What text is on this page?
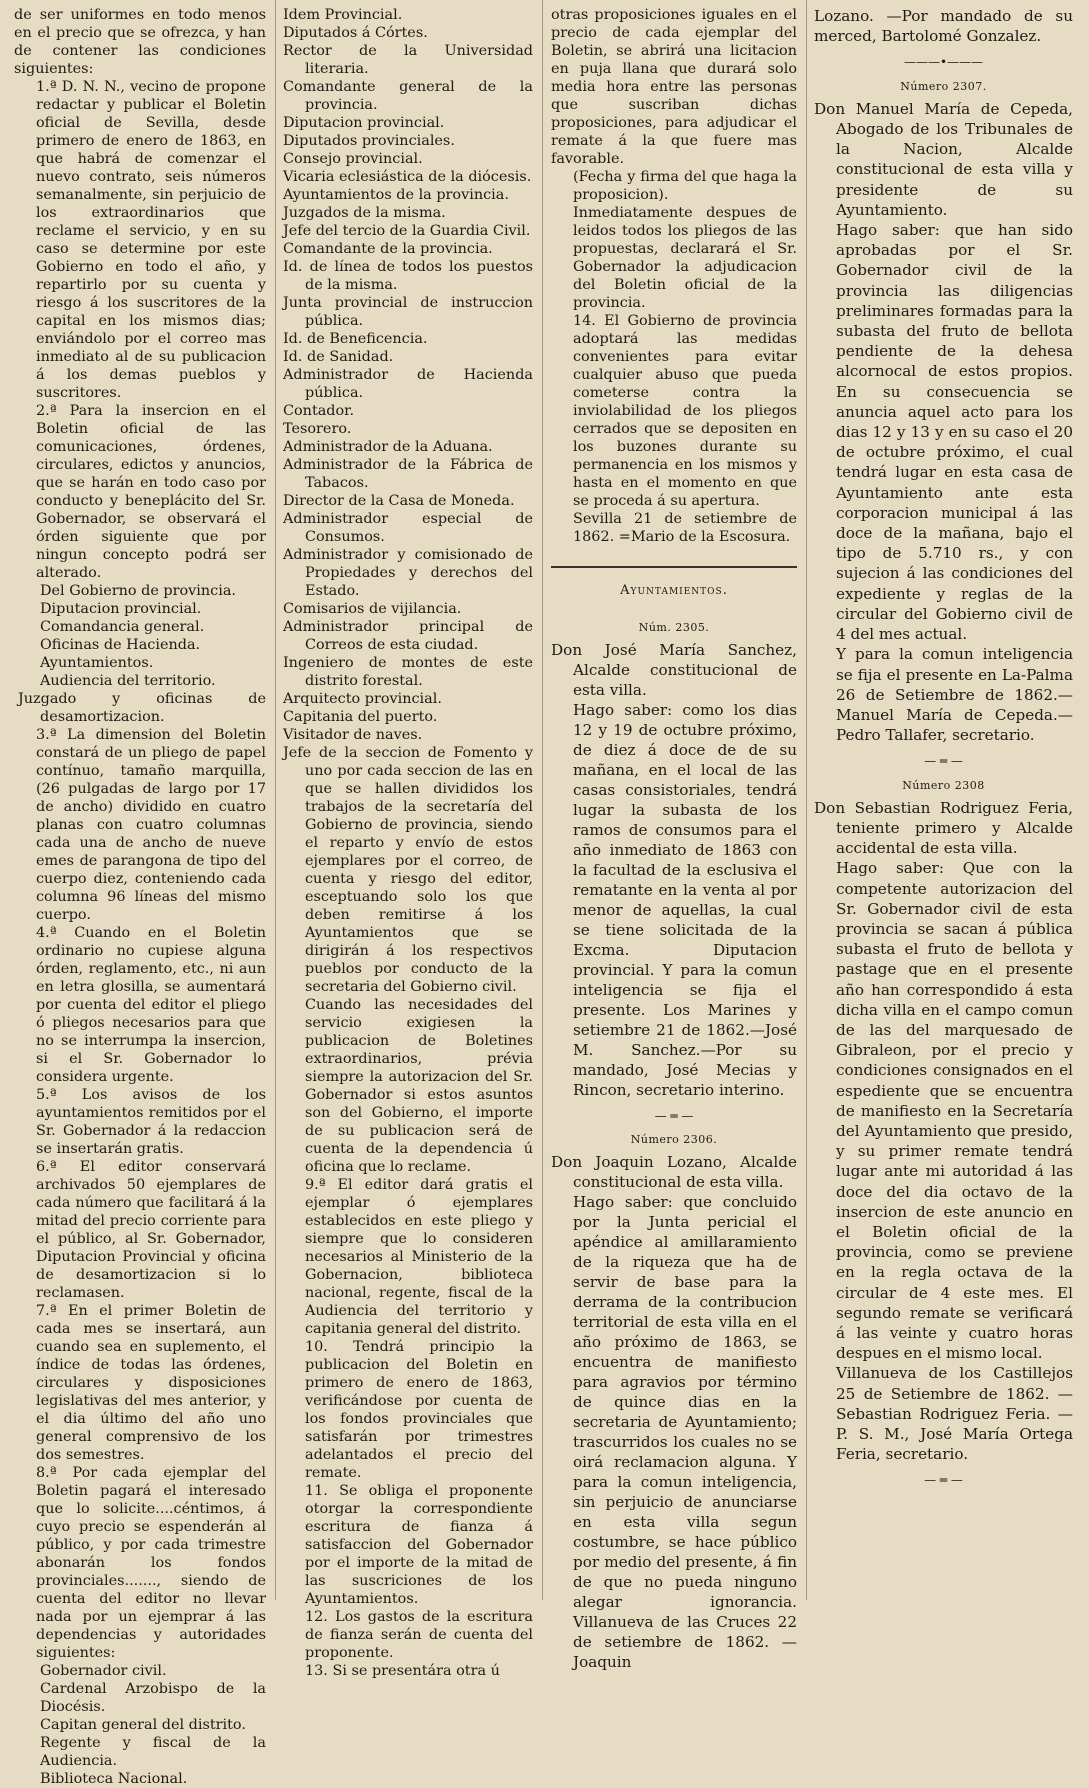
de ser uniformes en todo menos en el precio que se ofrezca, y han de contener las condiciones siguientes:

1.ª D. N. N., vecino de propone redactar y publicar el Boletin oficial de Sevilla, desde primero de enero de 1863, en que habrá de comenzar el nuevo contrato, seis números semanalmente, sin perjuicio de los extraordinarios que reclame el servicio, y en su caso se determine por este Gobierno en todo el año, y repartirlo por su cuenta y riesgo á los suscritores de la capital en los mismos dias; enviándolo por el correo mas inmediato al de su publicacion á los demas pueblos y suscritores.

2.ª Para la insercion en el Boletin oficial de las comunicaciones, órdenes, circulares, edictos y anuncios, que se harán en todo caso por conducto y beneplácito del Sr. Gobernador, se observará el órden siguiente que por ningun concepto podrá ser alterado.

Del Gobierno de provincia.

Diputacion provincial.

Comandancia general.

Oficinas de Hacienda.

Ayuntamientos.

Audiencia del territorio.

Juzgado y oficinas de desamortizacion.

3.ª La dimension del Boletin constará de un pliego de papel contínuo, tamaño marquilla, (26 pulgadas de largo por 17 de ancho) dividido en cuatro planas con cuatro columnas cada una de ancho de nueve emes de parangona de tipo del cuerpo diez, conteniendo cada columna 96 líneas del mismo cuerpo.

4.ª Cuando en el Boletin ordinario no cupiese alguna órden, reglamento, etc., ni aun en letra glosilla, se aumentará por cuenta del editor el pliego ó pliegos necesarios para que no se interrumpa la insercion, si el Sr. Gobernador lo considera urgente.

5.ª Los avisos de los ayuntamientos remitidos por el Sr. Gobernador á la redaccion se insertarán gratis.

6.ª El editor conservará archivados 50 ejemplares de cada número que facilitará á la mitad del precio corriente para el público, al Sr. Gobernador, Diputacion Provincial y oficina de desamortizacion si lo reclamasen.

7.ª En el primer Boletin de cada mes se insertará, aun cuando sea en suplemento, el índice de todas las órdenes, circulares y disposiciones legislativas del mes anterior, y el dia último del año uno general comprensivo de los dos semestres.

8.ª Por cada ejemplar del Boletin pagará el interesado que lo solicite....céntimos, á cuyo precio se espenderán al público, y por cada trimestre abonarán los fondos provinciales......., siendo de cuenta del editor no llevar nada por un ejemprar á las dependencias y autoridades siguientes:

Gobernador civil.

Cardenal Arzobispo de la Diocésis.

Capitan general del distrito.

Regente y fiscal de la Audiencia.

Biblioteca Nacional.

Idem Provincial.

Diputados á Córtes.

Rector de la Universidad literaria.

Comandante general de la provincia.

Diputacion provincial.

Diputados provinciales.

Consejo provincial.

Vicaria eclesiástica de la diócesis.

Ayuntamientos de la provincia.

Juzgados de la misma.

Jefe del tercio de la Guardia Civil.

Comandante de la provincia.

Id. de línea de todos los puestos de la misma.

Junta provincial de instruccion pública.

Id. de Beneficencia.

Id. de Sanidad.

Administrador de Hacienda pública.

Contador.

Tesorero.

Administrador de la Aduana.

Administrador de la Fábrica de Tabacos.

Director de la Casa de Moneda.

Administrador especial de Consumos.

Administrador y comisionado de Propiedades y derechos del Estado.

Comisarios de vijilancia.

Administrador principal de Correos de esta ciudad.

Ingeniero de montes de este distrito forestal.

Arquitecto provincial.

Capitania del puerto.

Visitador de naves.

Jefe de la seccion de Fomento y uno por cada seccion de las en que se hallen divididos los trabajos de la secretaría del Gobierno de provincia, siendo el reparto y envío de estos ejemplares por el correo, de cuenta y riesgo del editor, esceptuando solo los que deben remitirse á los Ayuntamientos que se dirigirán á los respectivos pueblos por conducto de la secretaria del Gobierno civil.

Cuando las necesidades del servicio exigiesen la publicacion de Boletines extraordinarios, prévia siempre la autorizacion del Sr. Gobernador si estos asuntos son del Gobierno, el importe de su publicacion será de cuenta de la dependencia ú oficina que lo reclame.

9.ª El editor dará gratis el ejemplar ó ejemplares establecidos en este pliego y siempre que lo consideren necesarios al Ministerio de la Gobernacion, biblioteca nacional, regente, fiscal de la Audiencia del territorio y capitania general del distrito.

10. Tendrá principio la publicacion del Boletin en primero de enero de 1863, verificándose por cuenta de los fondos provinciales que satisfarán por trimestres adelantados el precio del remate.

11. Se obliga el proponente otorgar la correspondiente escritura de fianza á satisfaccion del Gobernador por el importe de la mitad de las suscriciones de los Ayuntamientos.

12. Los gastos de la escritura de fianza serán de cuenta del proponente.

13. Si se presentára otra ú

otras proposiciones iguales en el precio de cada ejemplar del Boletin, se abrirá una licitacion en puja llana que durará solo media hora entre las personas que suscriban dichas proposiciones, para adjudicar el remate á la que fuere mas favorable.

(Fecha y firma del que haga la proposicion).

Inmediatamente despues de leidos todos los pliegos de las propuestas, declarará el Sr. Gobernador la adjudicacion del Boletin oficial de la provincia.

14. El Gobierno de provincia adoptará las medidas convenientes para evitar cualquier abuso que pueda cometerse contra la inviolabilidad de los pliegos cerrados que se depositen en los buzones durante su permanencia en los mismos y hasta en el momento en que se proceda á su apertura.

Sevilla 21 de setiembre de 1862. =Mario de la Escosura.

Ayuntamientos.

Núm. 2305.

Don José María Sanchez, Alcalde constitucional de esta villa.

Hago saber: como los dias 12 y 19 de octubre próximo, de diez á doce de de su mañana, en el local de las casas consistoriales, tendrá lugar la subasta de los ramos de consumos para el año inmediato de 1863 con la facultad de la esclusiva el rematante en la venta al por menor de aquellas, la cual se tiene solicitada de la Excma. Diputacion provincial. Y para la comun inteligencia se fija el presente. Los Marines y setiembre 21 de 1862.—José M. Sanchez.—Por su mandado, José Mecias y Rincon, secretario interino.

— ═ —

Número 2306.

Don Joaquin Lozano, Alcalde constitucional de esta villa.

Hago saber: que concluido por la Junta pericial el apéndice al amillaramiento de la riqueza que ha de servir de base para la derrama de la contribucion territorial de esta villa en el año próximo de 1863, se encuentra de manifiesto para agravios por término de quince dias en la secretaria de Ayuntamiento; trascurridos los cuales no se oirá reclamacion alguna. Y para la comun inteligencia, sin perjuicio de anunciarse en esta villa segun costumbre, se hace público por medio del presente, á fin de que no pueda ninguno alegar ignorancia. Villanueva de las Cruces 22 de setiembre de 1862. —Joaquin

Lozano. —Por mandado de su merced, Bartolomé Gonzalez.

———•———

Número 2307.

Don Manuel María de Cepeda, Abogado de los Tribunales de la Nacion, Alcalde constitucional de esta villa y presidente de su Ayuntamiento.

Hago saber: que han sido aprobadas por el Sr. Gobernador civil de la provincia las diligencias preliminares formadas para la subasta del fruto de bellota pendiente de la dehesa alcornocal de estos propios. En su consecuencia se anuncia aquel acto para los dias 12 y 13 y en su caso el 20 de octubre próximo, el cual tendrá lugar en esta casa de Ayuntamiento ante esta corporacion municipal á las doce de la mañana, bajo el tipo de 5.710 rs., y con sujecion á las condiciones del expediente y reglas de la circular del Gobierno civil de 4 del mes actual.

Y para la comun inteligencia se fija el presente en La-Palma 26 de Setiembre de 1862.—Manuel María de Cepeda.—Pedro Tallafer, secretario.

— ═ —

Número 2308

Don Sebastian Rodriguez Feria, teniente primero y Alcalde accidental de esta villa.

Hago saber: Que con la competente autorizacion del Sr. Gobernador civil de esta provincia se sacan á pública subasta el fruto de bellota y pastage que en el presente año han correspondido á esta dicha villa en el campo comun de las del marquesado de Gibraleon, por el precio y condiciones consignados en el espediente que se encuentra de manifiesto en la Secretaría del Ayuntamiento que presido, y su primer remate tendrá lugar ante mi autoridad á las doce del dia octavo de la insercion de este anuncio en el Boletin oficial de la provincia, como se previene en la regla octava de la circular de 4 este mes. El segundo remate se verificará á las veinte y cuatro horas despues en el mismo local.

Villanueva de los Castillejos 25 de Setiembre de 1862. —Sebastian Rodriguez Feria. —P. S. M., José María Ortega Feria, secretario.

— ═ —
